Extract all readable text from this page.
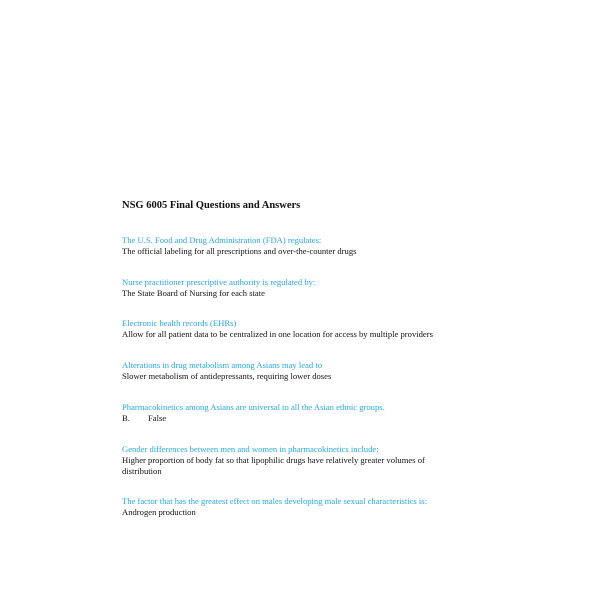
NSG 6005 Final Questions and Answers
The U.S. Food and Drug Administration (FDA) regulates:
The official labeling for all prescriptions and over-the-counter drugs
Nurse practitioner prescriptive authority is regulated by:
The State Board of Nursing for each state
Electronic health records (EHRs)
Allow for all patient data to be centralized in one location for access by multiple providers
Alterations in drug metabolism among Asians may lead to
Slower metabolism of antidepressants, requiring lower doses
Pharmacokinetics among Asians are universal to all the Asian ethnic groups.
B. False
Gender differences between men and women in pharmacokinetics include:
Higher proportion of body fat so that lipophilic drugs have relatively greater volumes of distribution
The factor that has the greatest effect on males developing male sexual characteristics is:
Androgen production
